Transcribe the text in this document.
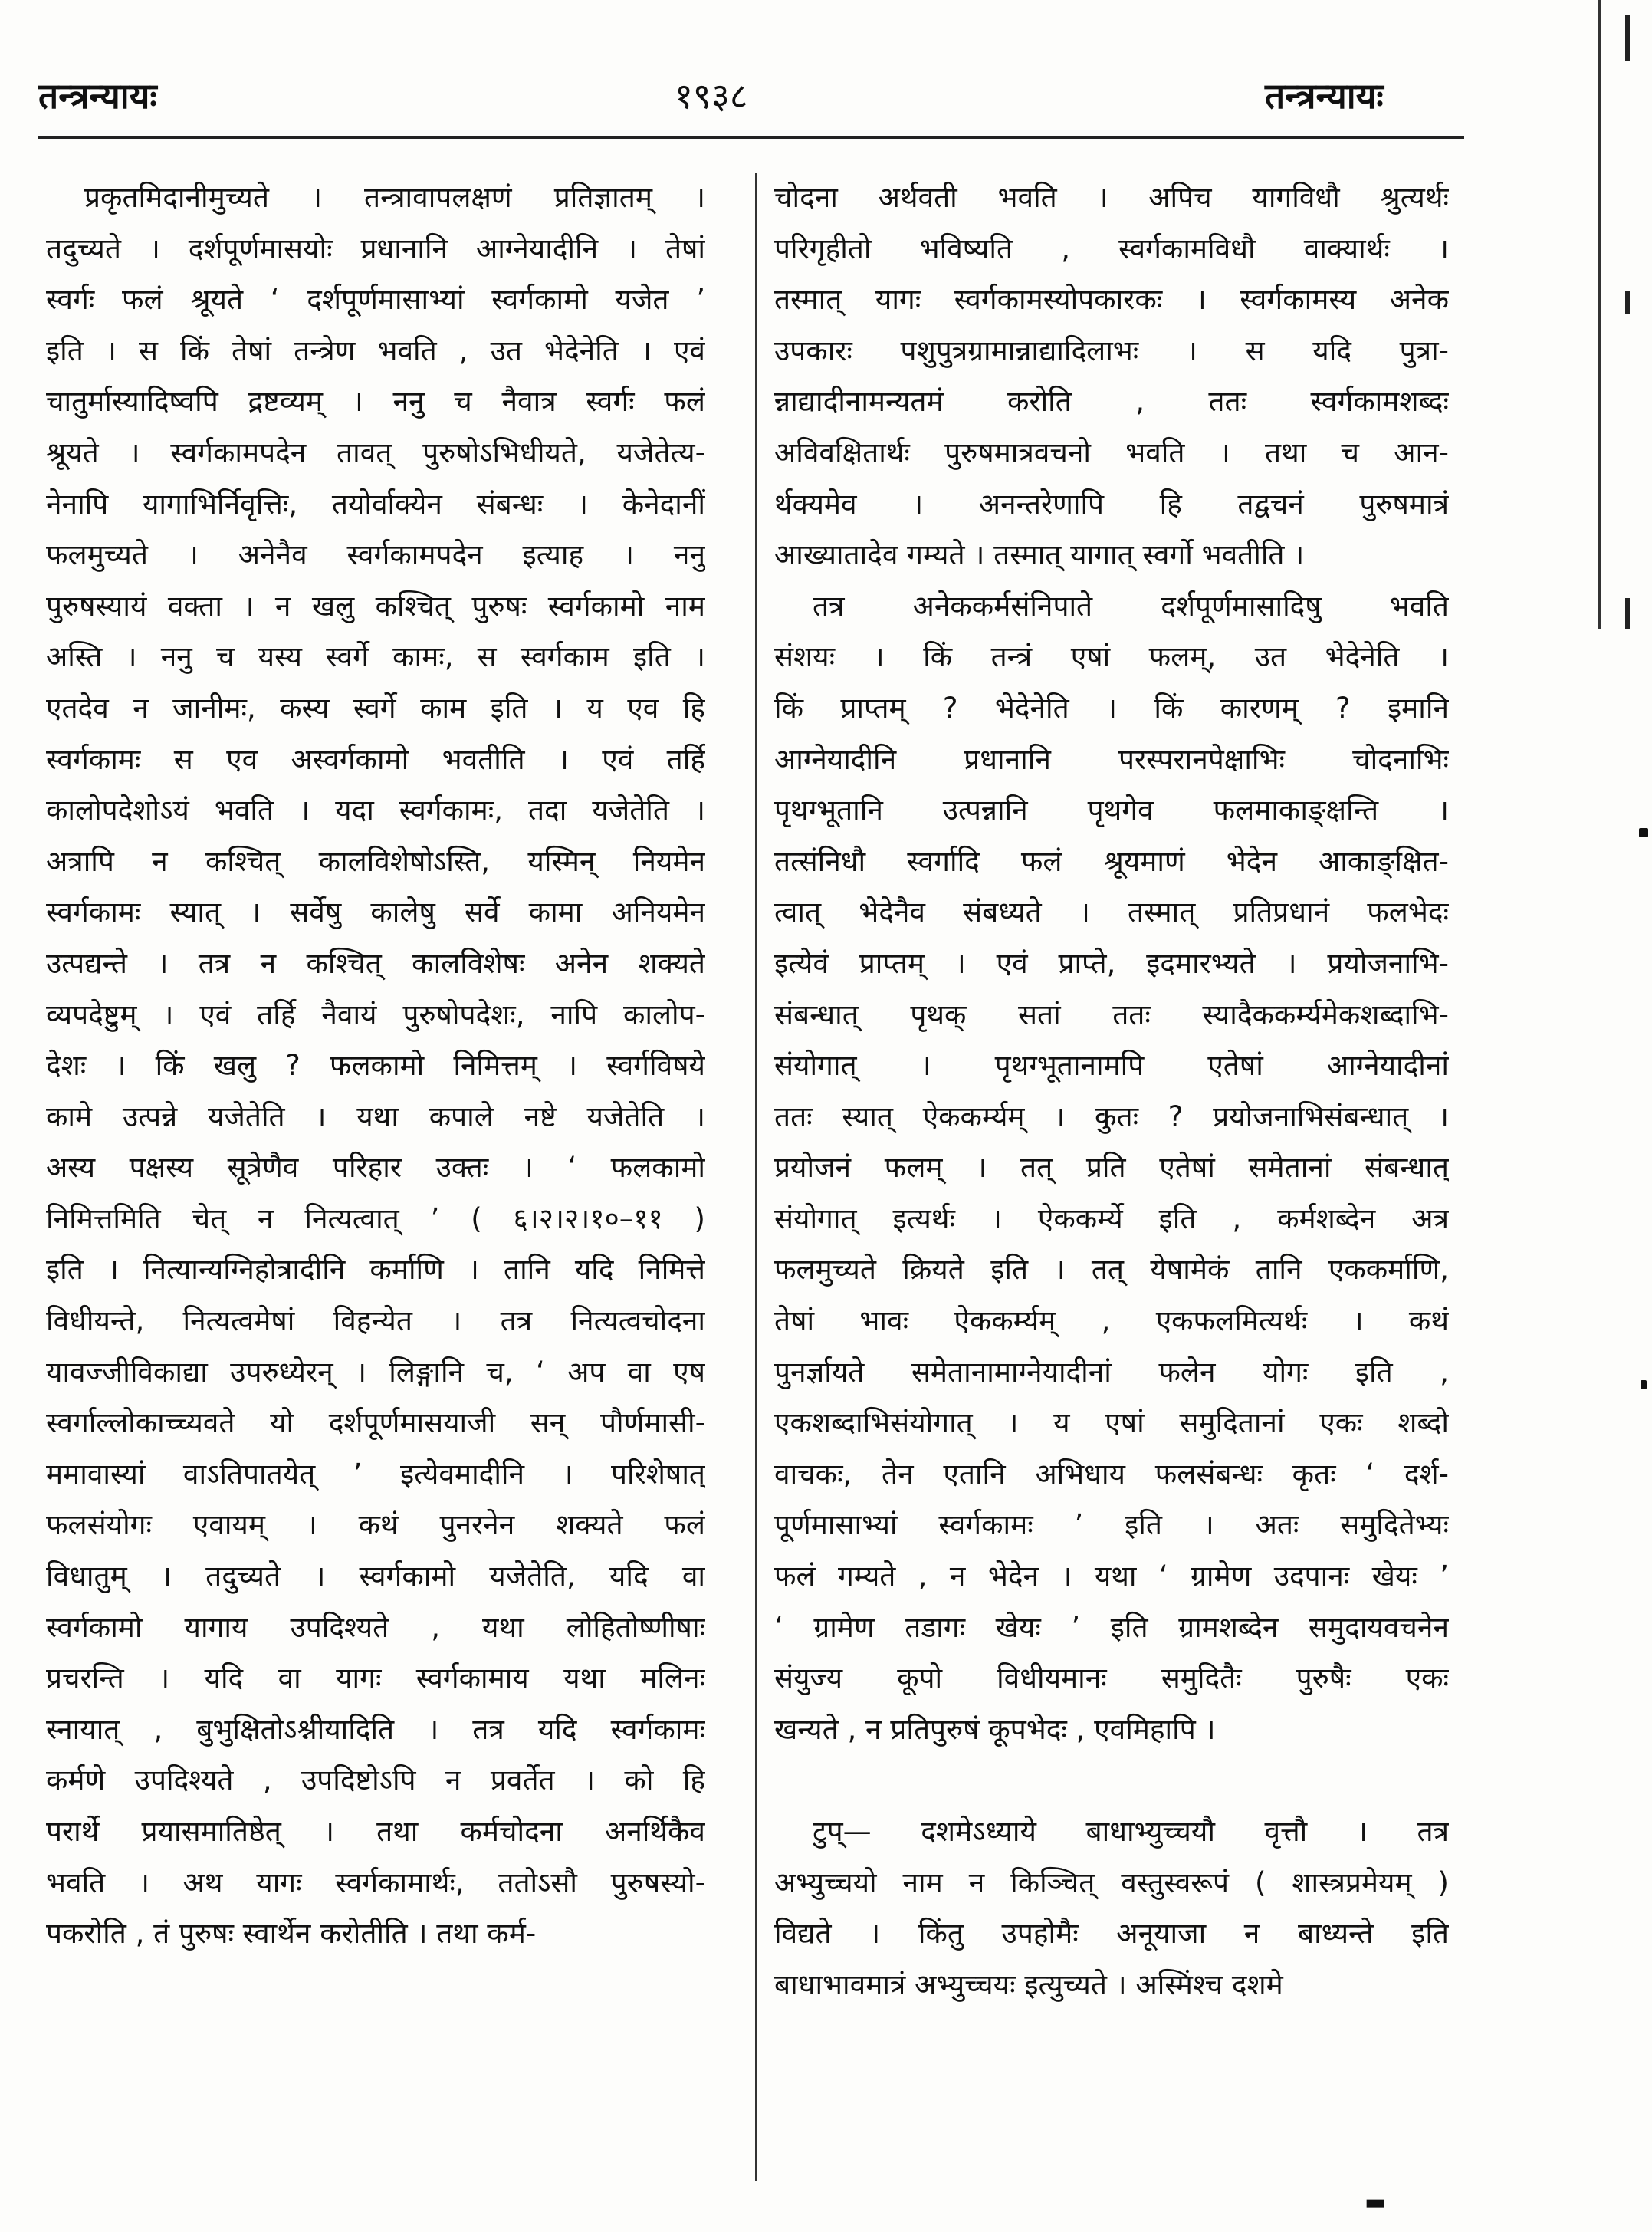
तन्त्रन्यायः	१९३८	तन्त्रन्यायः
प्रकृतमिदानीमुच्यते । तन्त्रावापलक्षणं प्रतिज्ञातम् ।
तदुच्यते । दर्शपूर्णमासयोः प्रधानानि आग्नेयादीनि । तेषां
स्वर्गः फलं श्रूयते ‘ दर्शपूर्णमासाभ्यां स्वर्गकामो यजेत ’
इति । स किं तेषां तन्त्रेण भवति , उत भेदेनेति । एवं
चातुर्मास्यादिष्वपि द्रष्टव्यम् । ननु च नैवात्र स्वर्गः फलं
श्रूयते । स्वर्गकामपदेन तावत् पुरुषोऽभिधीयते, यजेतेत्य-
नेनापि यागाभिर्निवृत्तिः, तयोर्वाक्येन संबन्धः । केनेदानीं
फलमुच्यते । अनेनैव स्वर्गकामपदेन इत्याह । ननु
पुरुषस्यायं वक्ता । न खलु कश्चित् पुरुषः स्वर्गकामो नाम
अस्ति । ननु च यस्य स्वर्गे कामः, स स्वर्गकाम इति ।
एतदेव न जानीमः, कस्य स्वर्गे काम इति । य एव हि
स्वर्गकामः स एव अस्वर्गकामो भवतीति । एवं तर्हि
कालोपदेशोऽयं भवति । यदा स्वर्गकामः, तदा यजेतेति ।
अत्रापि न कश्चित् कालविशेषोऽस्ति, यस्मिन् नियमेन
स्वर्गकामः स्यात् । सर्वेषु कालेषु सर्वे कामा अनियमेन
उत्पद्यन्ते । तत्र न कश्चित् कालविशेषः अनेन शक्यते
व्यपदेष्टुम् । एवं तर्हि नैवायं पुरुषोपदेशः, नापि कालोप-
देशः । किं खलु ? फलकामो निमित्तम् । स्वर्गविषये
कामे उत्पन्ने यजेतेति । यथा कपाले नष्टे यजेतेति ।
अस्य पक्षस्य सूत्रेणैव परिहार उक्तः । ‘ फलकामो
निमित्तमिति चेत् न नित्यत्वात् ’ ( ६।२।२।१०–११ )
इति । नित्यान्यग्निहोत्रादीनि कर्माणि । तानि यदि निमित्ते
विधीयन्ते, नित्यत्वमेषां विहन्येत । तत्र नित्यत्वचोदना
यावज्जीविकाद्या उपरुध्येरन् । लिङ्गानि च, ‘ अप वा एष
स्वर्गाल्लोकाच्च्यवते यो दर्शपूर्णमासयाजी सन् पौर्णमासी-
ममावास्यां वाऽतिपातयेत् ’ इत्येवमादीनि । परिशेषात्
फलसंयोगः एवायम् । कथं पुनरनेन शक्यते फलं
विधातुम् । तदुच्यते । स्वर्गकामो यजेतेति, यदि वा
स्वर्गकामो यागाय उपदिश्यते , यथा लोहितोष्णीषाः
प्रचरन्ति । यदि वा यागः स्वर्गकामाय यथा मलिनः
स्नायात् , बुभुक्षितोऽश्नीयादिति । तत्र यदि स्वर्गकामः
कर्मणे उपदिश्यते , उपदिष्टोऽपि न प्रवर्तेत । को हि
परार्थे प्रयासमातिष्ठेत् । तथा कर्मचोदना अनर्थिकैव
भवति । अथ यागः स्वर्गकामार्थः, ततोऽसौ पुरुषस्यो-
पकरोति , तं पुरुषः स्वार्थेन करोतीति । तथा कर्म-
चोदना अर्थवती भवति । अपिच यागविधौ श्रुत्यर्थः
परिगृहीतो भविष्यति , स्वर्गकामविधौ वाक्यार्थः ।
तस्मात् यागः स्वर्गकामस्योपकारकः । स्वर्गकामस्य अनेक
उपकारः पशुपुत्रग्रामान्नाद्यादिलाभः । स यदि पुत्रा-
न्नाद्यादीनामन्यतमं करोति , ततः स्वर्गकामशब्दः
अविवक्षितार्थः पुरुषमात्रवचनो भवति । तथा च आन-
र्थक्यमेव । अनन्तरेणापि हि तद्वचनं पुरुषमात्रं
आख्यातादेव गम्यते । तस्मात् यागात् स्वर्गो भवतीति ।
तत्र अनेककर्मसंनिपाते दर्शपूर्णमासादिषु भवति
संशयः । किं तन्त्रं एषां फलम्, उत भेदेनेति ।
किं प्राप्तम् ? भेदेनेति । किं कारणम् ? इमानि
आग्नेयादीनि प्रधानानि परस्परानपेक्षाभिः चोदनाभिः
पृथग्भूतानि उत्पन्नानि पृथगेव फलमाकाङ्क्षन्ति ।
तत्संनिधौ स्वर्गादि फलं श्रूयमाणं भेदेन आकाङ्क्षित-
त्वात् भेदेनैव संबध्यते । तस्मात् प्रतिप्रधानं फलभेदः
इत्येवं प्राप्तम् । एवं प्राप्ते, इदमारभ्यते । प्रयोजनाभि-
संबन्धात् पृथक् सतां ततः स्यादैककर्म्यमेकशब्दाभि-
संयोगात् । पृथग्भूतानामपि एतेषां आग्नेयादीनां
ततः स्यात् ऐककर्म्यम् । कुतः ? प्रयोजनाभिसंबन्धात् ।
प्रयोजनं फलम् । तत् प्रति एतेषां समेतानां संबन्धात्
संयोगात् इत्यर्थः । ऐककर्म्ये इति , कर्मशब्देन अत्र
फलमुच्यते क्रियते इति । तत् येषामेकं तानि एककर्माणि,
तेषां भावः ऐककर्म्यम् , एकफलमित्यर्थः । कथं
पुनर्ज्ञायते समेतानामाग्नेयादीनां फलेन योगः इति ,
एकशब्दाभिसंयोगात् । य एषां समुदितानां एकः शब्दो
वाचकः, तेन एतानि अभिधाय फलसंबन्धः कृतः ‘ दर्श-
पूर्णमासाभ्यां स्वर्गकामः ’ इति । अतः समुदितेभ्यः
फलं गम्यते , न भेदेन । यथा ‘ ग्रामेण उदपानः खेयः ’
‘ ग्रामेण तडागः खेयः ’ इति ग्रामशब्देन समुदायवचनेन
संयुज्य कूपो विधीयमानः समुदितैः पुरुषैः एकः
खन्यते , न प्रतिपुरुषं कूपभेदः , एवमिहापि ।
टुप्— दशमेऽध्याये बाधाभ्युच्चयौ वृत्तौ । तत्र
अभ्युच्चयो नाम न किञ्चित् वस्तुस्वरूपं ( शास्त्रप्रमेयम् )
विद्यते । किंतु उपहोमैः अनूयाजा न बाध्यन्ते इति
बाधाभावमात्रं अभ्युच्चयः इत्युच्यते । अस्मिंश्च दशमे
▬
